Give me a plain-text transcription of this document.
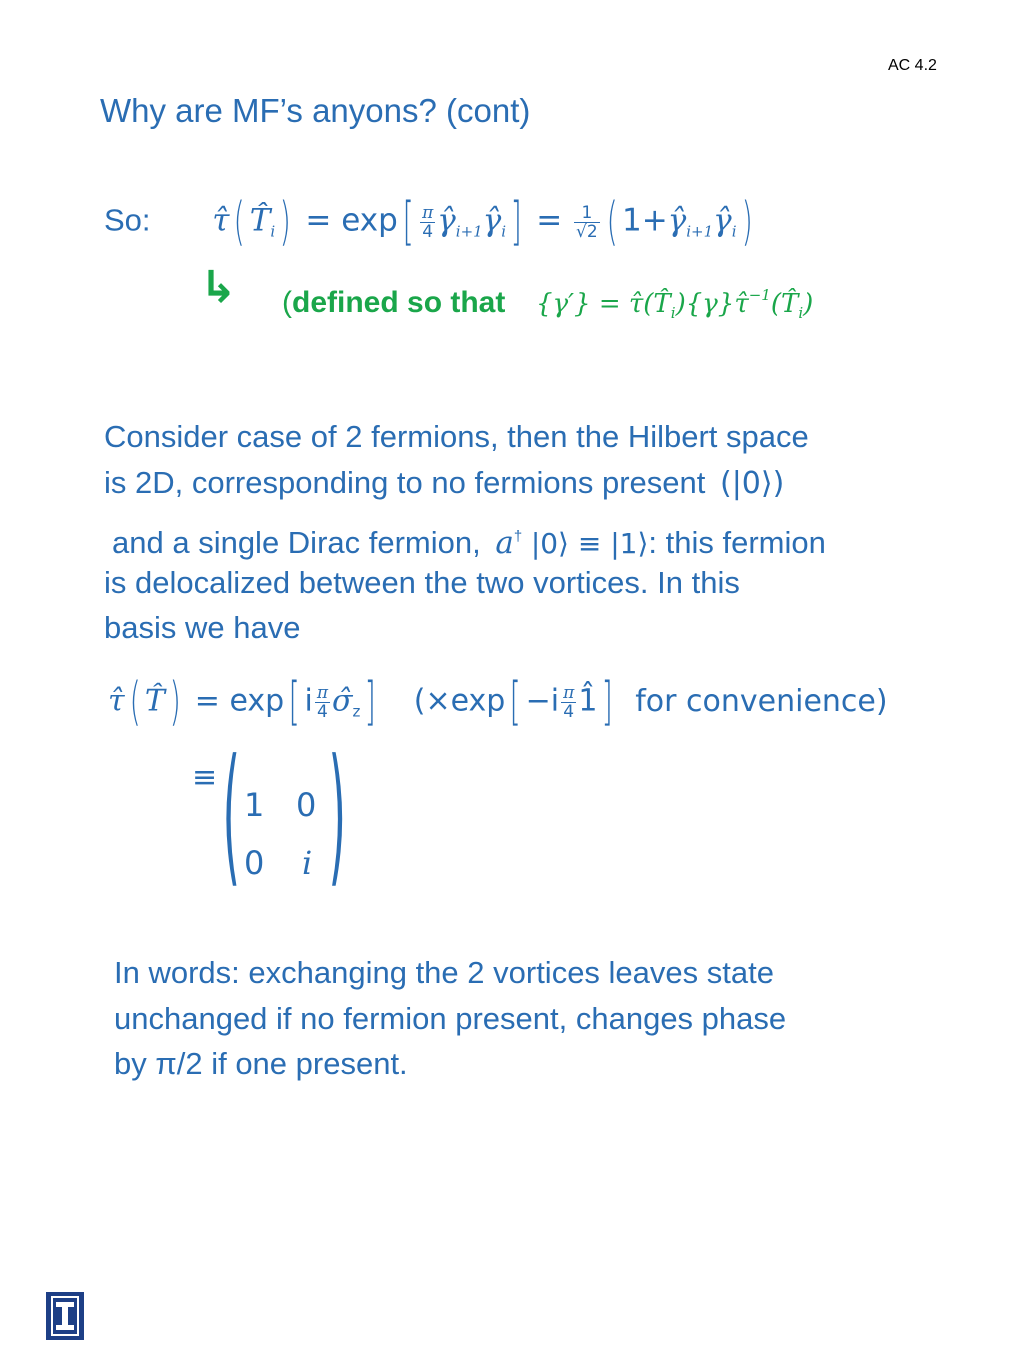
AC 4.2
Why are MF’s anyons? (cont)
So: τ̂( $T̂_i) = \exp[ \frac{\pi}{4}$ $\gammâ_{i+1}\gammâ_i] = \frac{1}{√2}$ ( $1+\gammâ_{i+1}\gammâ_i$)
↳ (defined so that $\{\gamma'\} = \taû(T̂_i)\{\gamma\}\taû^{-1}(T̂_i)$
Consider case of 2 fermions, then the Hilbert space
is 2D, corresponding to no fermions present (|0⟩)
and a single Dirac fermion, a† |0⟩ ≡ |1⟩: this fermion
is delocalized between the two vortices. In this
basis we have
τ̂( T̂) = exp[ i $\frac{\pi}{4}$ $\sigmâ_z$] ($\times\exp[ -i \frac{\pi}{4}$ 1̂] for convenience)
≡ ( )
1 0
0 i
In words: exchanging the 2 vortices leaves state
unchanged if no fermion present, changes phase
by π/2 if one present.
